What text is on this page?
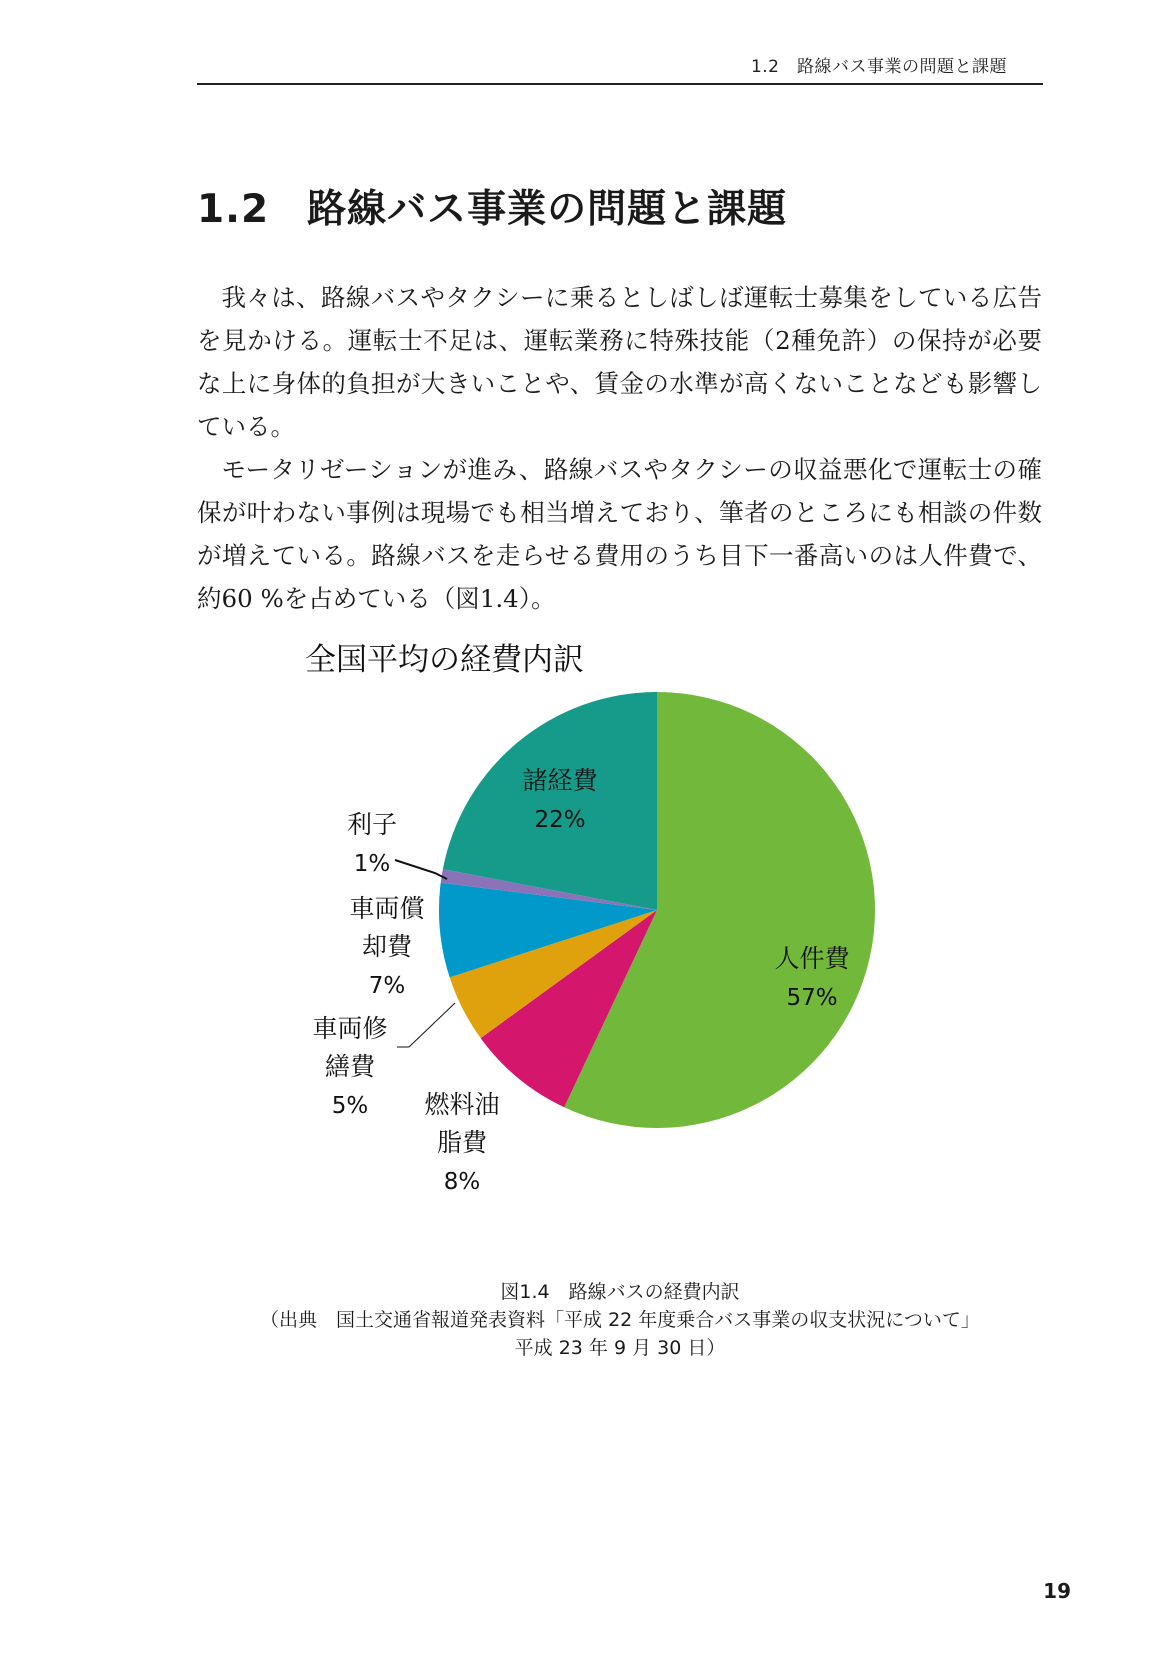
1.2　路線バス事業の問題と課題
1.2 路線バス事業の問題と課題

我々は、路線バスやタクシーに乗るとしばしば運転士募集をしている広告を見かける。運転士不足は、運転業務に特殊技能（2種免許）の保持が必要な上に身体的負担が大きいことや、賃金の水準が高くないことなども影響している。

モータリゼーションが進み、路線バスやタクシーの収益悪化で運転士の確保が叶わない事例は現場でも相当増えており、筆者のところにも相談の件数が増えている。路線バスを走らせる費用のうち目下一番高いのは人件費で、約60 %を占めている（図1.4）。

全国平均の経費内訳
人件費
57%
燃料油
脂費
8%
車両修
繕費
5%
車両償
却費
7%
利子
1%
諸経費
22%
図1.4　路線バスの経費内訳
（出典　国土交通省報道発表資料「平成 22 年度乗合バス事業の収支状況について」
平成 23 年 9 月 30 日）
19
